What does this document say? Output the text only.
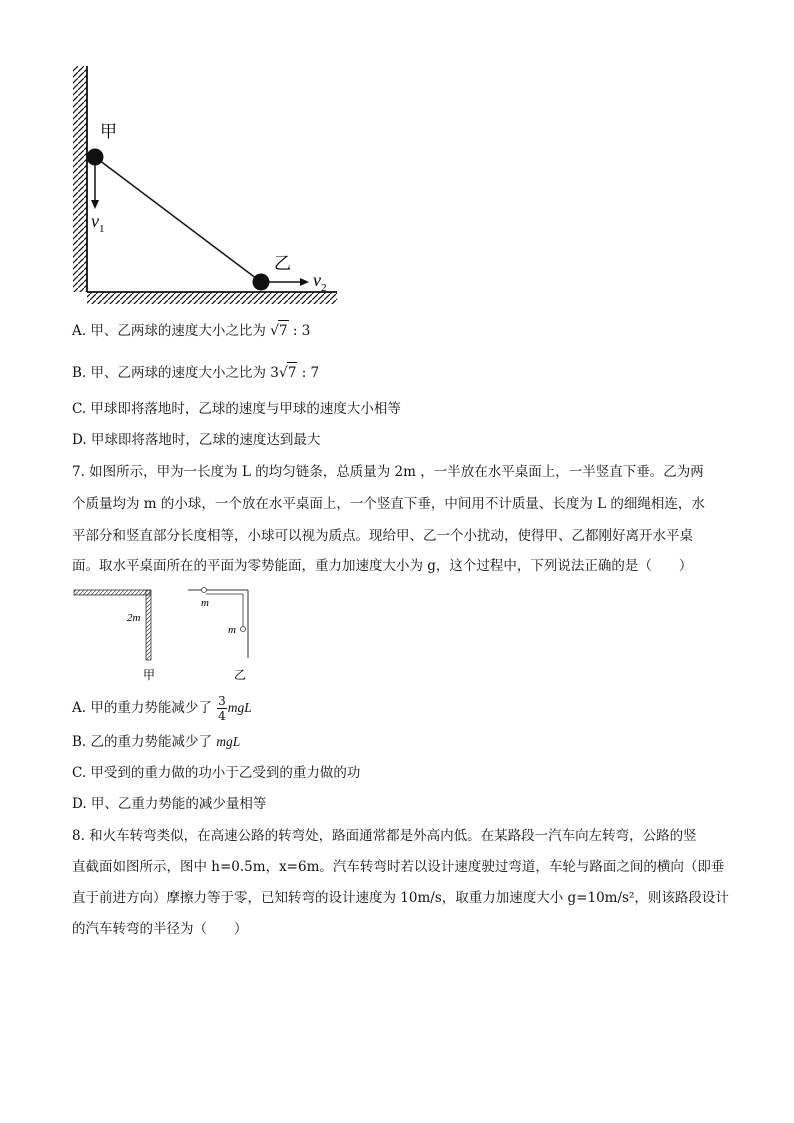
甲
乙
$v_1$
$v_2$
A. 甲、乙两球的速度大小之比为 √7 : 3
B. 甲、乙两球的速度大小之比为 3√7 : 7
C. 甲球即将落地时，乙球的速度与甲球的速度大小相等
D. 甲球即将落地时，乙球的速度达到最大
7. 如图所示，甲为一长度为 L 的均匀链条，总质量为 2m ，一半放在水平桌面上，一半竖直下垂。乙为两
个质量均为 m 的小球，一个放在水平桌面上，一个竖直下垂，中间用不计质量、长度为 L 的细绳相连，水
平部分和竖直部分长度相等，小球可以视为质点。现给甲、乙一个小扰动，使得甲、乙都刚好离开水平桌
面。取水平桌面所在的平面为零势能面，重力加速度大小为 g，这个过程中，下列说法正确的是（　　）
2m
甲
m
m
乙
A. 甲的重力势能减少了 $\frac{3}{4}$ mgL
B. 乙的重力势能减少了 mgL
C. 甲受到的重力做的功小于乙受到的重力做的功
D. 甲、乙重力势能的减少量相等
8. 和火车转弯类似，在高速公路的转弯处，路面通常都是外高内低。在某路段一汽车向左转弯，公路的竖
直截面如图所示，图中 h=0.5m，x=6m。汽车转弯时若以设计速度驶过弯道，车轮与路面之间的横向（即垂
直于前进方向）摩擦力等于零，已知转弯的设计速度为 10m/s，取重力加速度大小 g=10m/s²，则该路段设计
的汽车转弯的半径为（　　）
